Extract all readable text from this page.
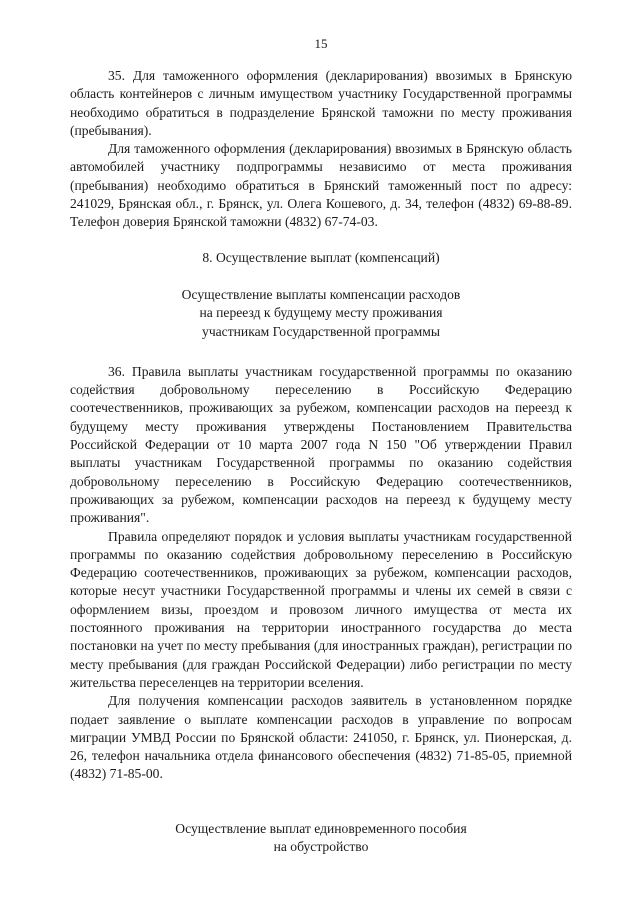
15

35. Для таможенного оформления (декларирования) ввозимых в Брянскую область контейнеров с личным имуществом участнику Государственной программы необходимо обратиться в подразделение Брянской таможни по месту проживания (пребывания).

Для таможенного оформления (декларирования) ввозимых в Брянскую область автомобилей участнику подпрограммы независимо от места проживания (пребывания) необходимо обратиться в Брянский таможенный пост по адресу: 241029, Брянская обл., г. Брянск, ул. Олега Кошевого, д. 34, телефон (4832) 69-88-89. Телефон доверия Брянской таможни (4832) 67-74-03.

8. Осуществление выплат (компенсаций)

Осуществление выплаты компенсации расходов
на переезд к будущему месту проживания
участникам Государственной программы

36. Правила выплаты участникам государственной программы по оказанию содействия добровольному переселению в Российскую Федерацию соотечественников, проживающих за рубежом, компенсации расходов на переезд к будущему месту проживания утверждены Постановлением Правительства Российской Федерации от 10 марта 2007 года N 150 "Об утверждении Правил выплаты участникам Государственной программы по оказанию содействия добровольному переселению в Российскую Федерацию соотечественников, проживающих за рубежом, компенсации расходов на переезд к будущему месту проживания".

Правила определяют порядок и условия выплаты участникам государственной программы по оказанию содействия добровольному переселению в Российскую Федерацию соотечественников, проживающих за рубежом, компенсации расходов, которые несут участники Государственной программы и члены их семей в связи с оформлением визы, проездом и провозом личного имущества от места их постоянного проживания на территории иностранного государства до места постановки на учет по месту пребывания (для иностранных граждан), регистрации по месту пребывания (для граждан Российской Федерации) либо регистрации по месту жительства переселенцев на территории вселения.

Для получения компенсации расходов заявитель в установленном порядке подает заявление о выплате компенсации расходов в управление по вопросам миграции УМВД России по Брянской области: 241050, г. Брянск, ул. Пионерская, д. 26, телефон начальника отдела финансового обеспечения (4832) 71-85-05, приемной (4832) 71-85-00.

Осуществление выплат единовременного пособия
на обустройство
